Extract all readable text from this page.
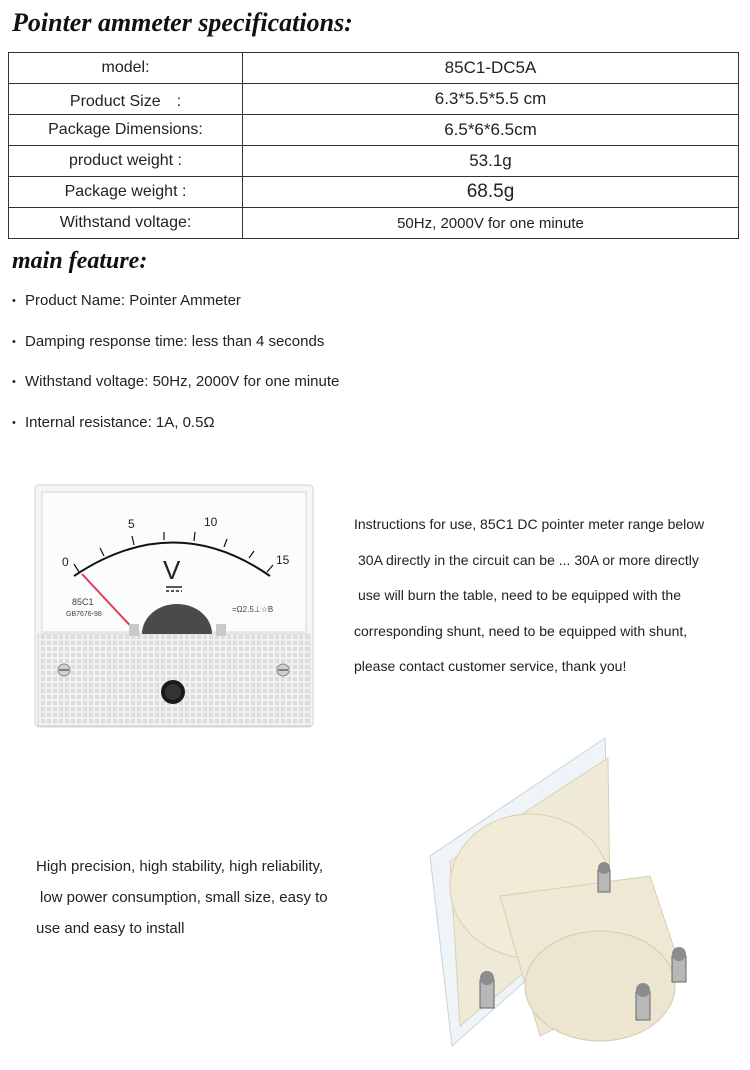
Pointer ammeter specifications:
model:	85C1-DC5A
Product Size　:	6.3*5.5*5.5 cm
Package Dimensions:	6.5*6*6.5cm
product weight :	53.1g
Package weight :	68.5g
Withstand voltage:	50Hz, 2000V for one minute
main feature:
• Product Name: Pointer Ammeter
• Damping response time: less than 4 seconds
• Withstand voltage: 50Hz, 2000V for one minute
• Internal resistance: 1A, 0.5Ω
0
5	10
15
V
85C1
GB7676-98
=Ω2.5⊥☆B
Instructions for use, 85C1 DC pointer meter range below
30A directly in the circuit can be ... 30A or more directly
use will burn the table, need to be equipped with the
corresponding shunt, need to be equipped with shunt,
please contact customer service, thank you!
High precision, high stability, high reliability,
low power consumption, small size, easy to
use and easy to install
